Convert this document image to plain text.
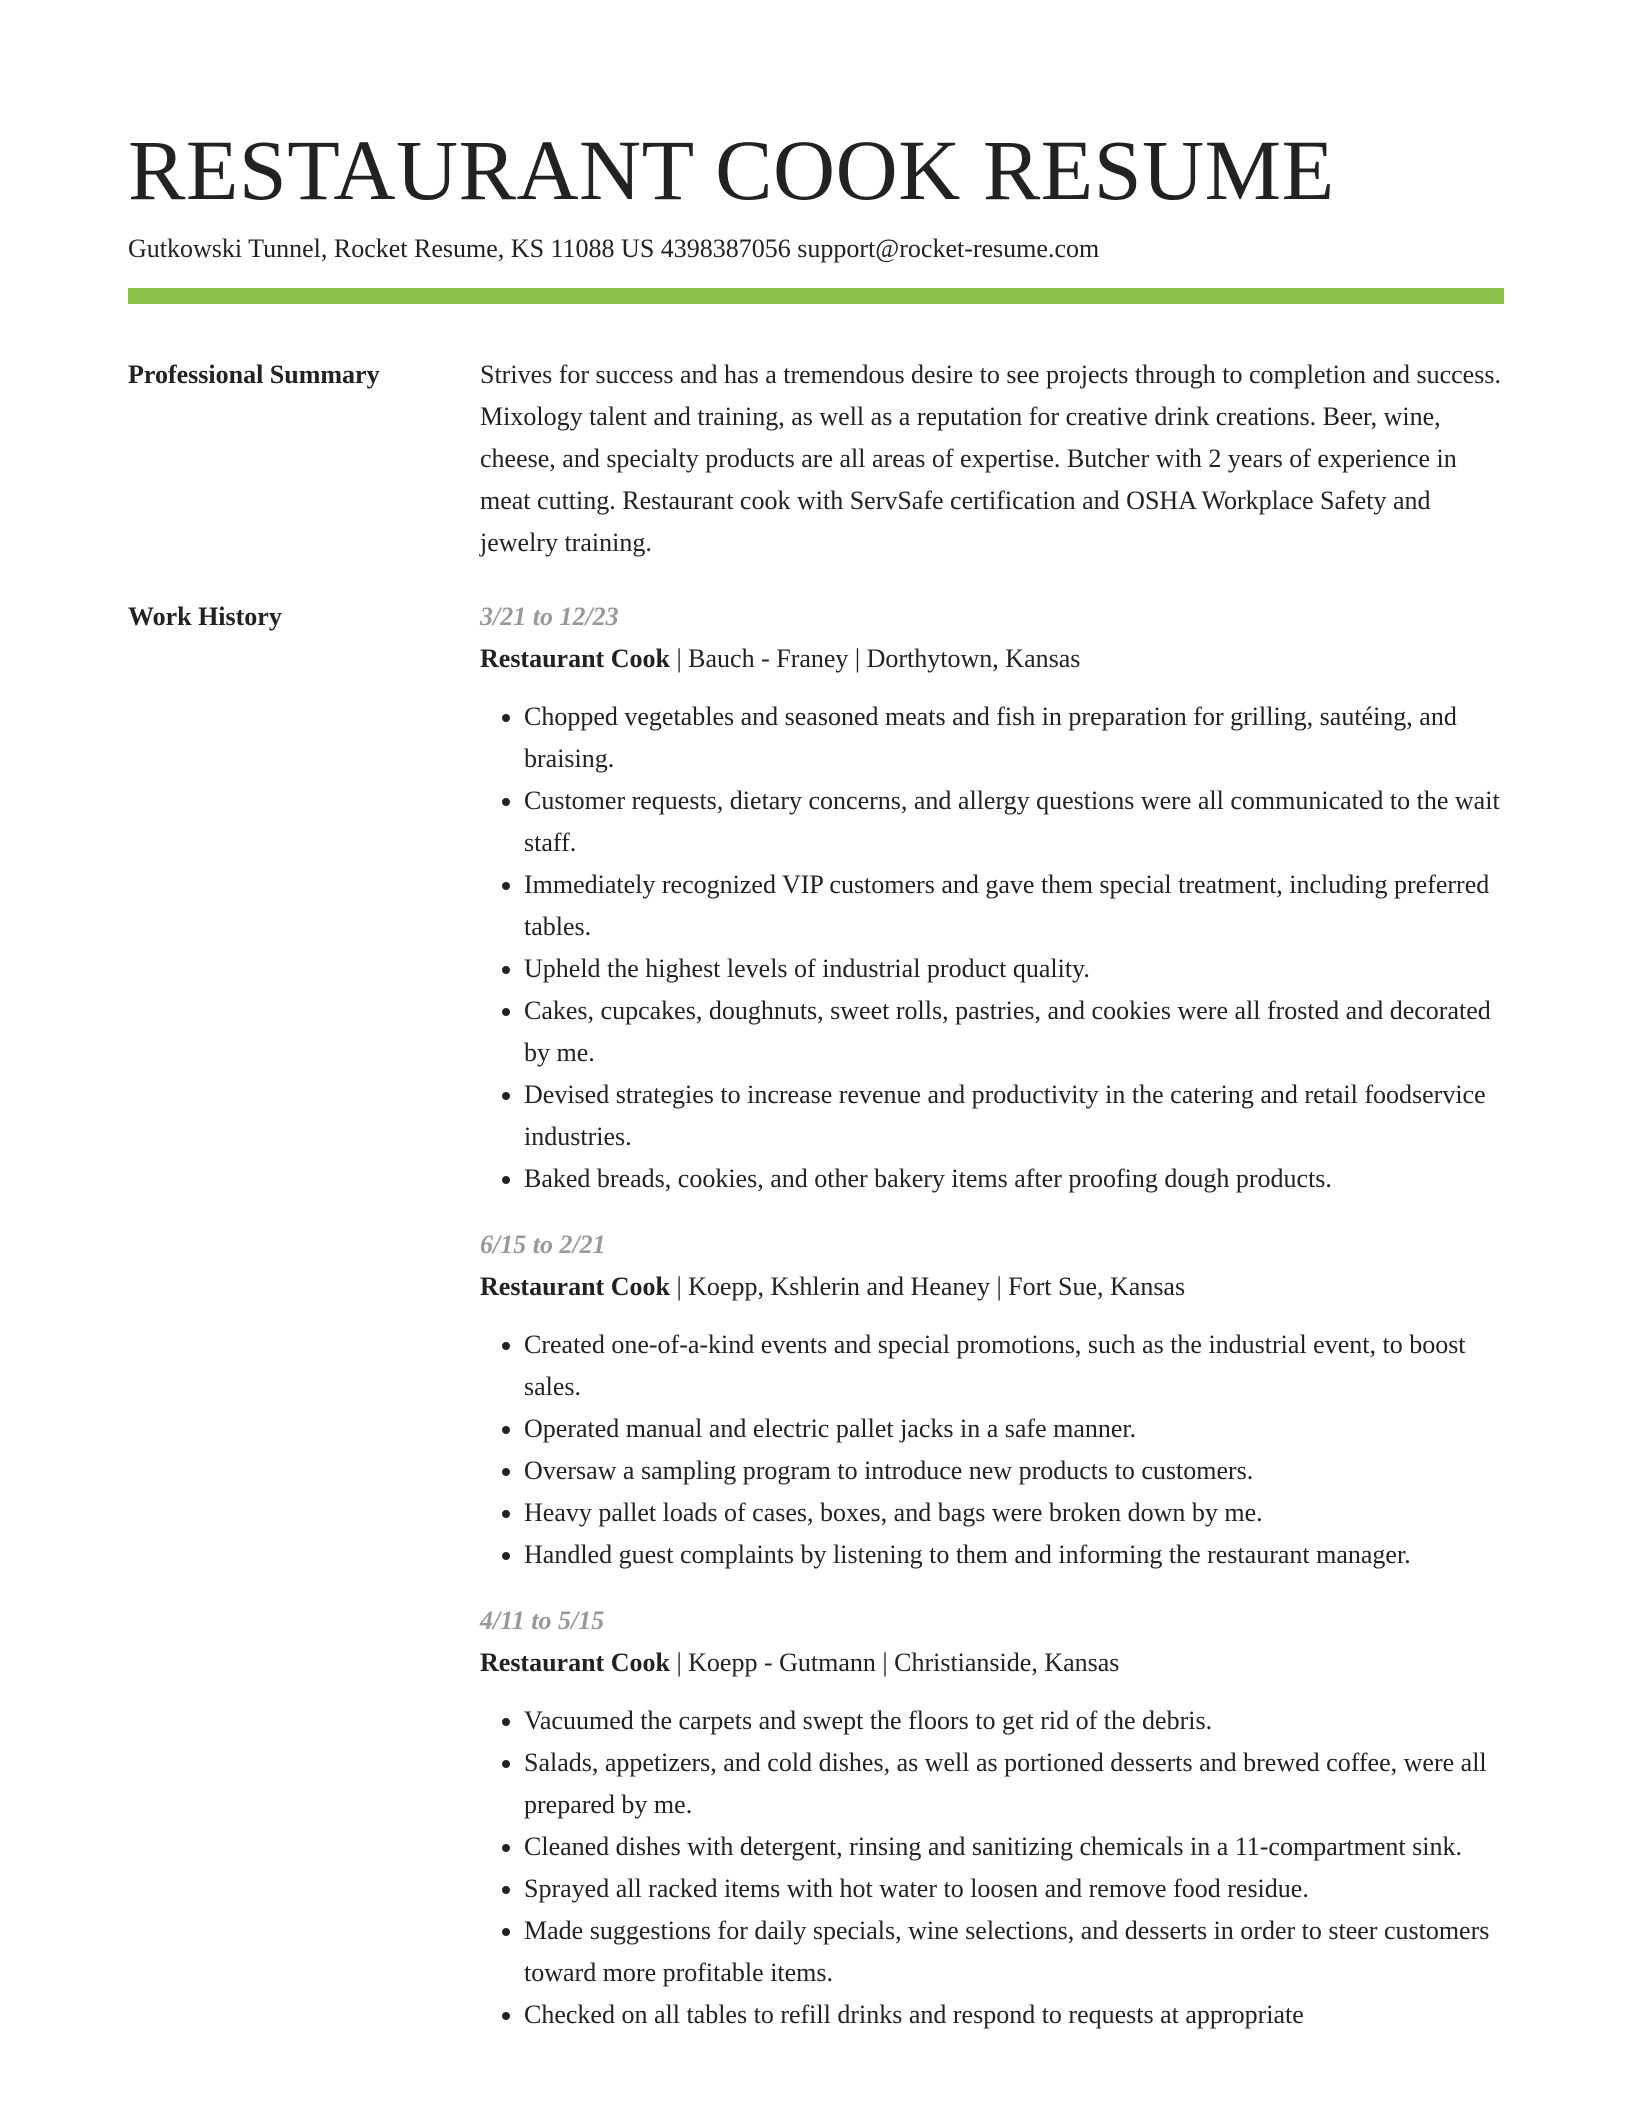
RESTAURANT COOK RESUME
Gutkowski Tunnel, Rocket Resume, KS 11088 US 4398387056 support@rocket-resume.com
Professional Summary	Strives for success and has a tremendous desire to see projects through to completion and success. Mixology talent and training, as well as a reputation for creative drink creations. Beer, wine, cheese, and specialty products are all areas of expertise. Butcher with 2 years of experience in meat cutting. Restaurant cook with ServSafe certification and OSHA Workplace Safety and jewelry training.

Work History	3/21 to 12/23
Restaurant Cook | Bauch - Franey | Dorthytown, Kansas
• Chopped vegetables and seasoned meats and fish in preparation for grilling, sautéing, and braising.
• Customer requests, dietary concerns, and allergy questions were all communicated to the wait staff.
• Immediately recognized VIP customers and gave them special treatment, including preferred tables.
• Upheld the highest levels of industrial product quality.
• Cakes, cupcakes, doughnuts, sweet rolls, pastries, and cookies were all frosted and decorated by me.
• Devised strategies to increase revenue and productivity in the catering and retail foodservice industries.
• Baked breads, cookies, and other bakery items after proofing dough products.
6/15 to 2/21
Restaurant Cook | Koepp, Kshlerin and Heaney | Fort Sue, Kansas
• Created one-of-a-kind events and special promotions, such as the industrial event, to boost sales.
• Operated manual and electric pallet jacks in a safe manner.
• Oversaw a sampling program to introduce new products to customers.
• Heavy pallet loads of cases, boxes, and bags were broken down by me.
• Handled guest complaints by listening to them and informing the restaurant manager.
4/11 to 5/15
Restaurant Cook | Koepp - Gutmann | Christianside, Kansas
• Vacuumed the carpets and swept the floors to get rid of the debris.
• Salads, appetizers, and cold dishes, as well as portioned desserts and brewed coffee, were all prepared by me.
• Cleaned dishes with detergent, rinsing and sanitizing chemicals in a 11-compartment sink.
• Sprayed all racked items with hot water to loosen and remove food residue.
• Made suggestions for daily specials, wine selections, and desserts in order to steer customers toward more profitable items.
• Checked on all tables to refill drinks and respond to requests at appropriate
